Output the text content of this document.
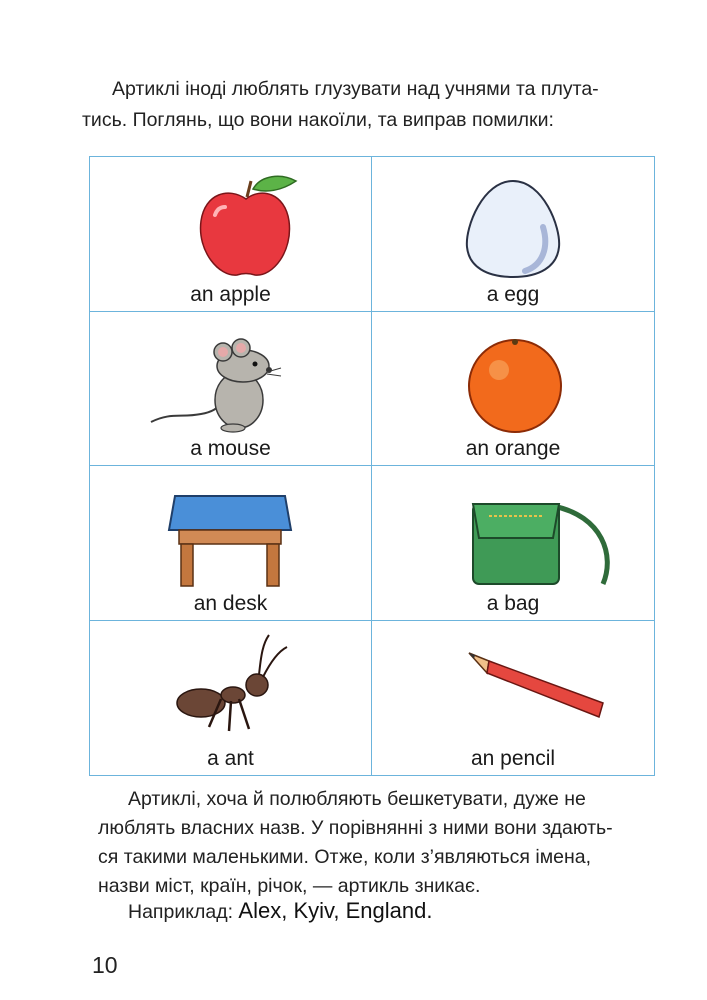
Артиклі іноді люблять глузувати над учнями та плута-

тись. Поглянь, що вони накоїли, та виправ помилки:

an apple	a egg
a mouse	an orange
an desk	a bag
a ant	an pencil

Артиклі, хоча й полюбляють бешкетувати, дуже не

люблять власних назв. У порівнянні з ними вони здають-

ся такими маленькими. Отже, коли з’являються імена,

назви міст, країн, річок, — артикль зникає.

Наприклад: Alex, Kyiv, England.
10
